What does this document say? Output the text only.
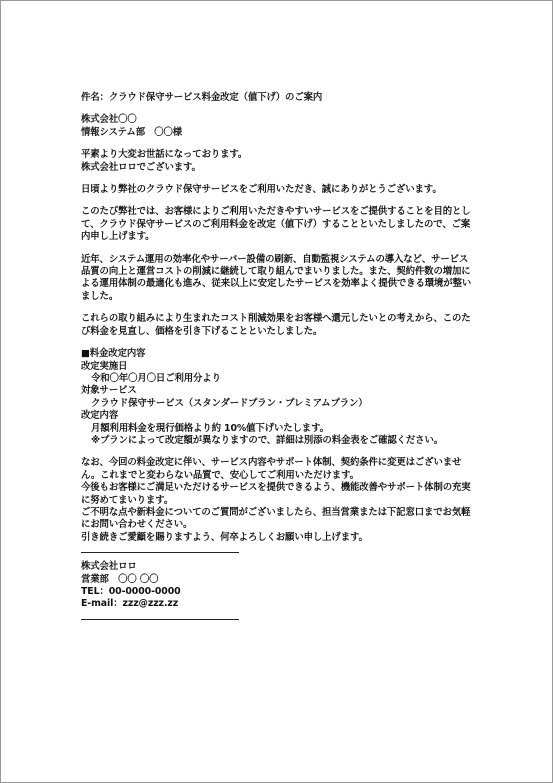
件名：クラウド保守サービス料金改定（値下げ）のご案内

株式会社〇〇

情報システム部　〇〇様

平素より大変お世話になっております。

株式会社ロロでございます。

日頃より弊社のクラウド保守サービスをご利用いただき、誠にありがとうございます。

このたび弊社では、お客様によりご利用いただきやすいサービスをご提供することを目的として、クラウド保守サービスのご利用料金を改定（値下げ）することといたしましたので、ご案内申し上げます。

近年、システム運用の効率化やサーバー設備の刷新、自動監視システムの導入など、サービス品質の向上と運営コストの削減に継続して取り組んでまいりました。また、契約件数の増加による運用体制の最適化も進み、従来以上に安定したサービスを効率よく提供できる環境が整いました。

これらの取り組みにより生まれたコスト削減効果をお客様へ還元したいとの考えから、このたび料金を見直し、価格を引き下げることといたしました。

■料金改定内容

改定実施日

令和〇年〇月〇日ご利用分より

対象サービス

クラウド保守サービス（スタンダードプラン・プレミアムプラン）

改定内容

月額利用料金を現行価格より約 10%値下げいたします。

※プランによって改定額が異なりますので、詳細は別添の料金表をご確認ください。

なお、今回の料金改定に伴い、サービス内容やサポート体制、契約条件に変更はございません。これまでと変わらない品質で、安心してご利用いただけます。

今後もお客様にご満足いただけるサービスを提供できるよう、機能改善やサポート体制の充実に努めてまいります。

ご不明な点や新料金についてのご質問がございましたら、担当営業または下記窓口までお気軽にお問い合わせください。

引き続きご愛顧を賜りますよう、何卒よろしくお願い申し上げます。

株式会社ロロ

営業部　〇〇 〇〇

TEL：00-0000-0000

E-mail：zzz@zzz.zz
